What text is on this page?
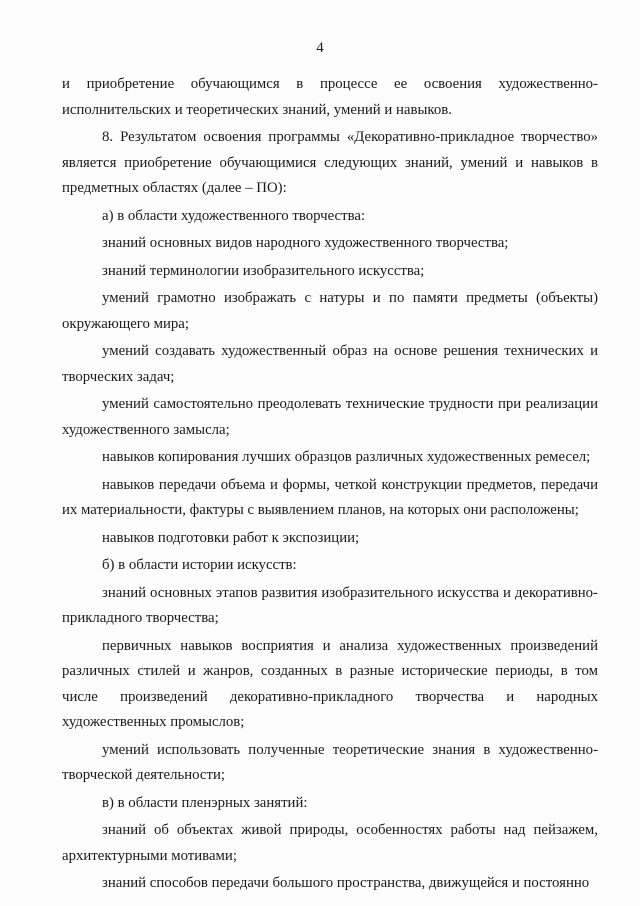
4

и приобретение обучающимся в процессе ее освоения художественно-исполнительских и теоретических знаний, умений и навыков.

8. Результатом освоения программы «Декоративно-прикладное творчество» является приобретение обучающимися следующих знаний, умений и навыков в предметных областях (далее – ПО):

а) в области художественного творчества:

знаний основных видов народного художественного творчества;

знаний терминологии изобразительного искусства;

умений грамотно изображать с натуры и по памяти предметы (объекты) окружающего мира;

умений создавать художественный образ на основе решения технических и творческих задач;

умений самостоятельно преодолевать технические трудности при реализации художественного замысла;

навыков копирования лучших образцов различных художественных ремесел;

навыков передачи объема и формы, четкой конструкции предметов, передачи их материальности, фактуры с выявлением планов, на которых они расположены;

навыков подготовки работ к экспозиции;

б) в области истории искусств:

знаний основных этапов развития изобразительного искусства и декоративно-прикладного творчества;

первичных навыков восприятия и анализа художественных произведений различных стилей и жанров, созданных в разные исторические периоды, в том числе произведений декоративно-прикладного творчества и народных художественных промыслов;

умений использовать полученные теоретические знания в художественно-творческой деятельности;

в) в области пленэрных занятий:

знаний об объектах живой природы, особенностях работы над пейзажем, архитектурными мотивами;

знаний способов передачи большого пространства, движущейся и постоянно
